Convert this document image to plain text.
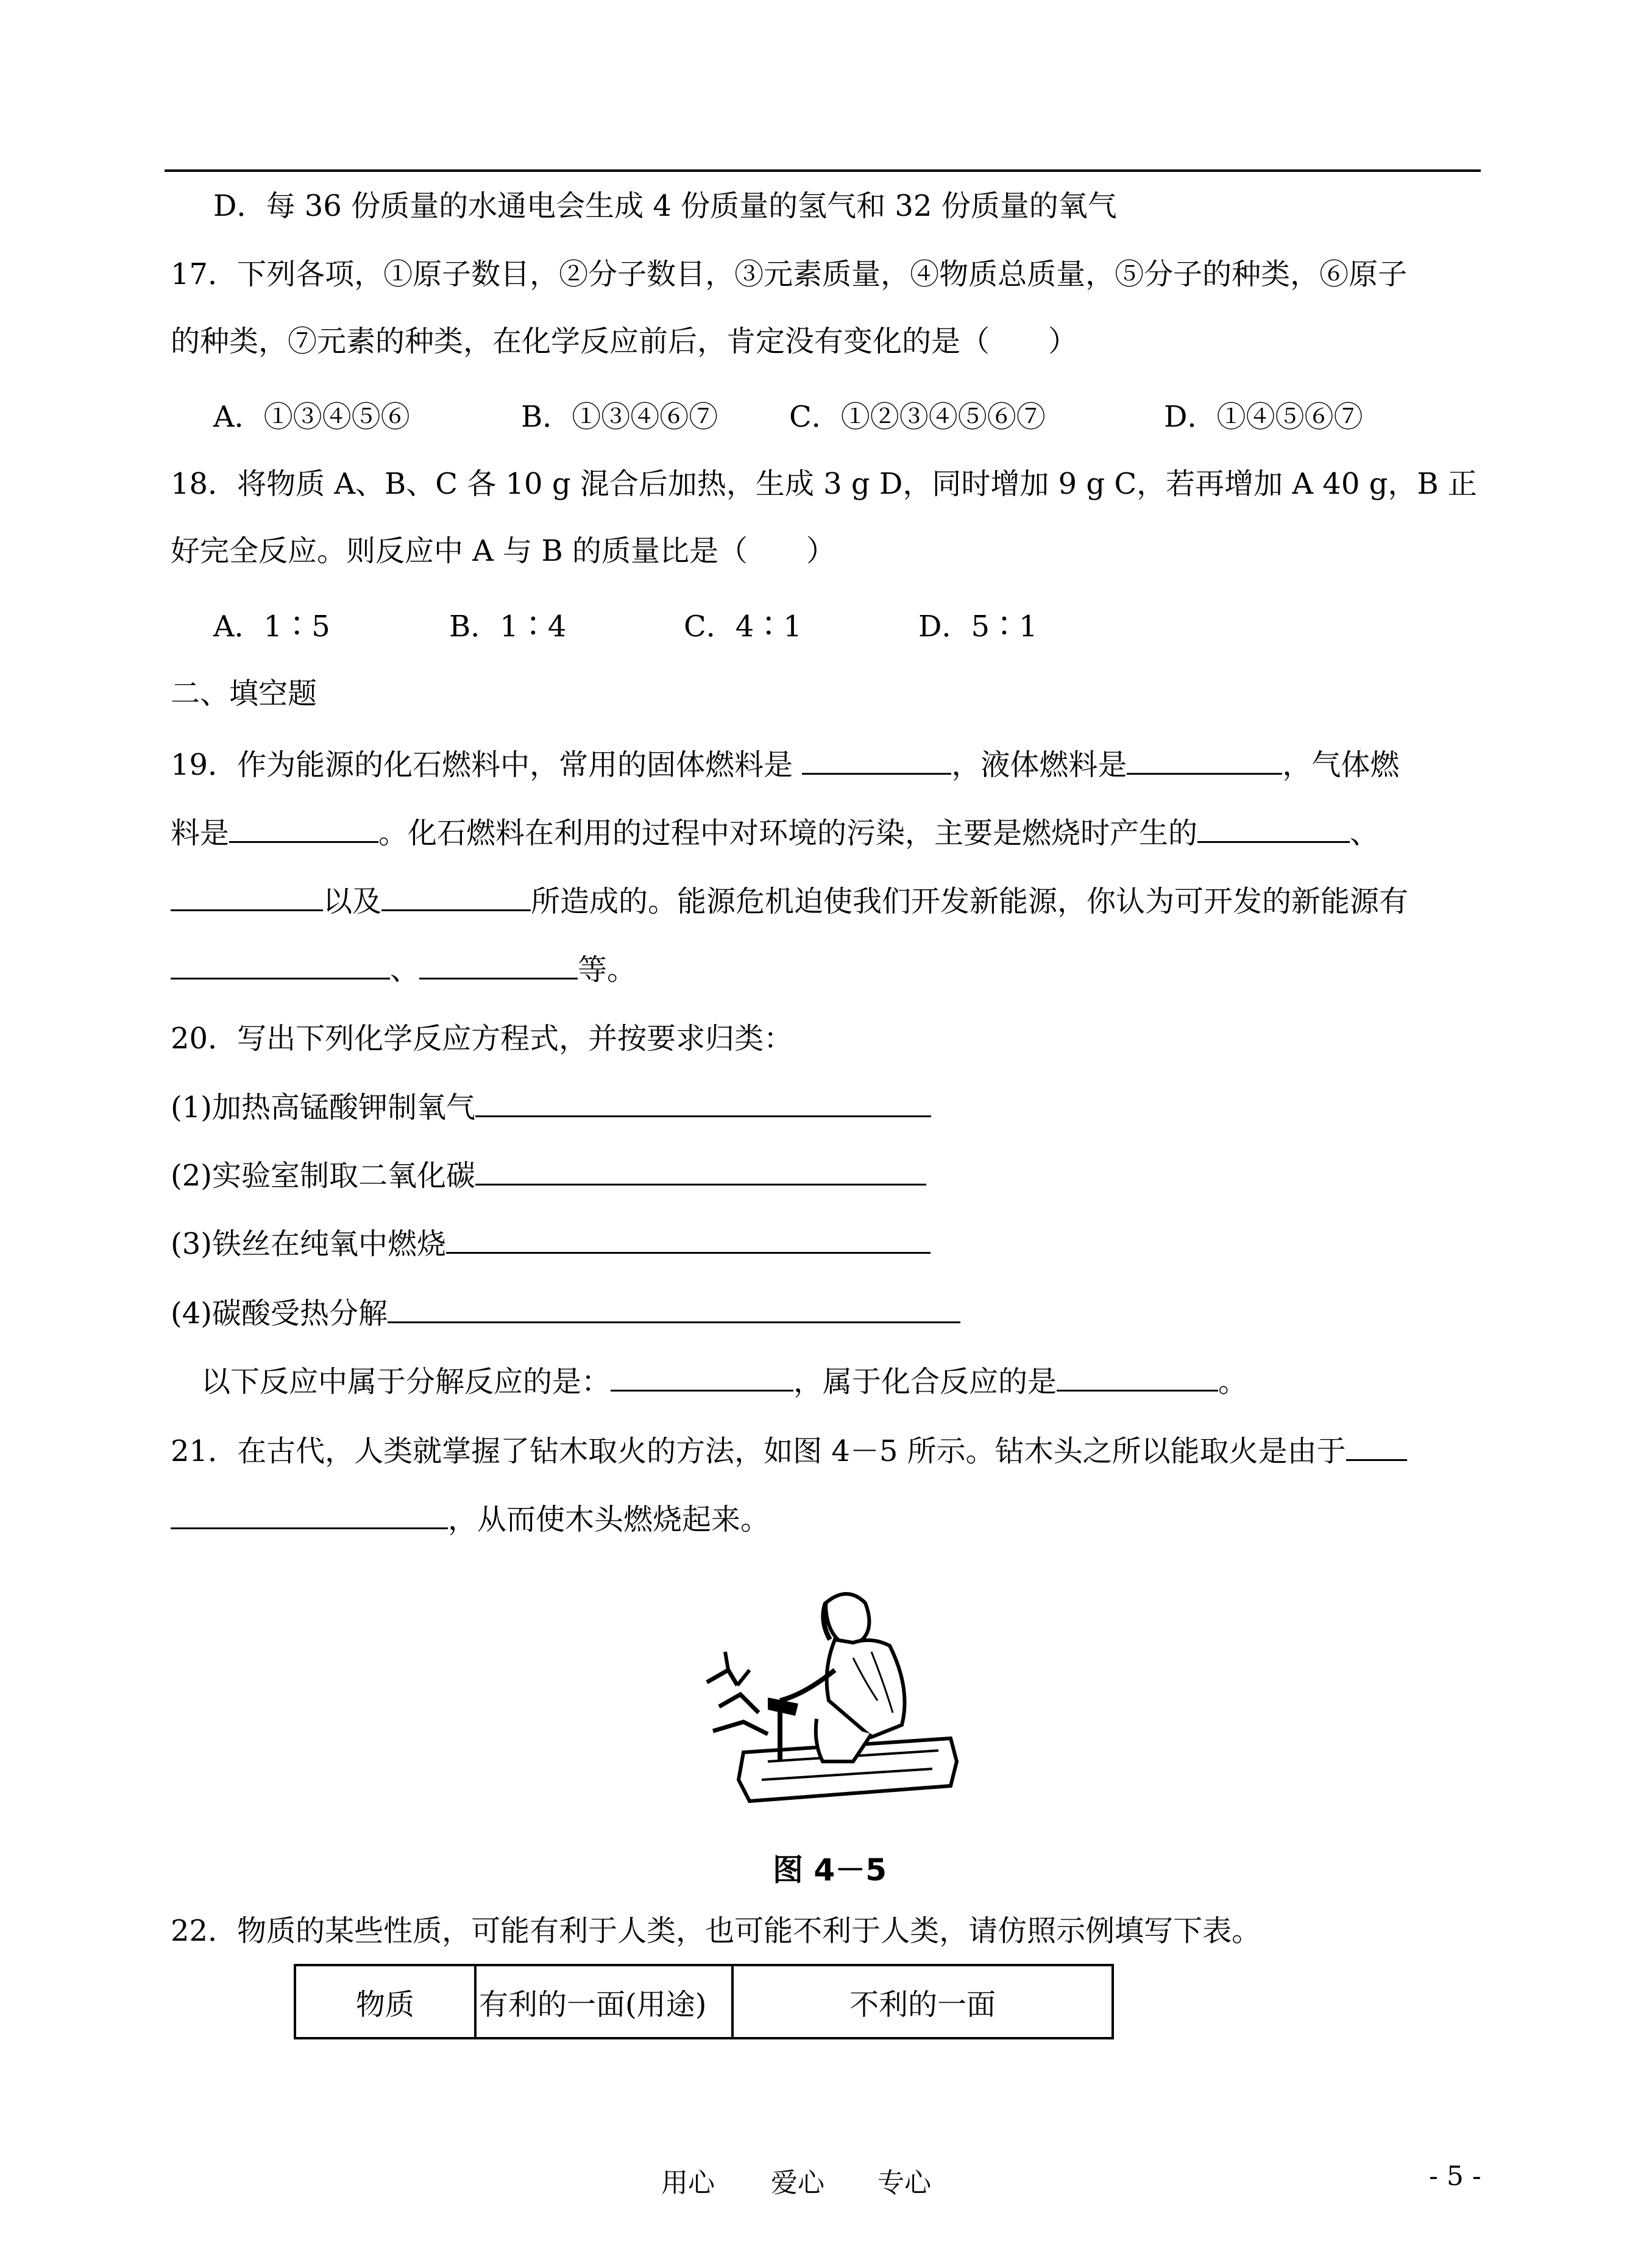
D．每 36 份质量的水通电会生成 4 份质量的氢气和 32 份质量的氧气
17．下列各项，①原子数目，②分子数目，③元素质量，④物质总质量，⑤分子的种类，⑥原子
的种类，⑦元素的种类，在化学反应前后，肯定没有变化的是（　　）
A．①③④⑤⑥	B．①③④⑥⑦ C．①②③④⑤⑥⑦	D．①④⑤⑥⑦
18．将物质 A、B、C 各 10 g 混合后加热，生成 3 g D，同时增加 9 g C，若再增加 A 40 g，B 正
好完全反应。则反应中 A 与 B 的质量比是（　　）
A．1∶5	B．1∶4	C．4∶1	D．5∶1
二、填空题
19．作为能源的化石燃料中，常用的固体燃料是	，液体燃料是	，气体燃
料是	。化石燃料在利用的过程中对环境的污染，主要是燃烧时产生的	、
以及	所造成的。能源危机迫使我们开发新能源，你认为可开发的新能源有
、	等。
20．写出下列化学反应方程式，并按要求归类：
(1)加热高锰酸钾制氧气
(2)实验室制取二氧化碳
(3)铁丝在纯氧中燃烧
(4)碳酸受热分解
以下反应中属于分解反应的是：	，属于化合反应的是	。
21．在古代，人类就掌握了钻木取火的方法，如图 4－5 所示。钻木头之所以能取火是由于
，从而使木头燃烧起来。
图 4－5
22．物质的某些性质，可能有利于人类，也可能不利于人类，请仿照示例填写下表。
物质	有利的一面(用途)	不利的一面
用心 爱心 专心	- 5 -
